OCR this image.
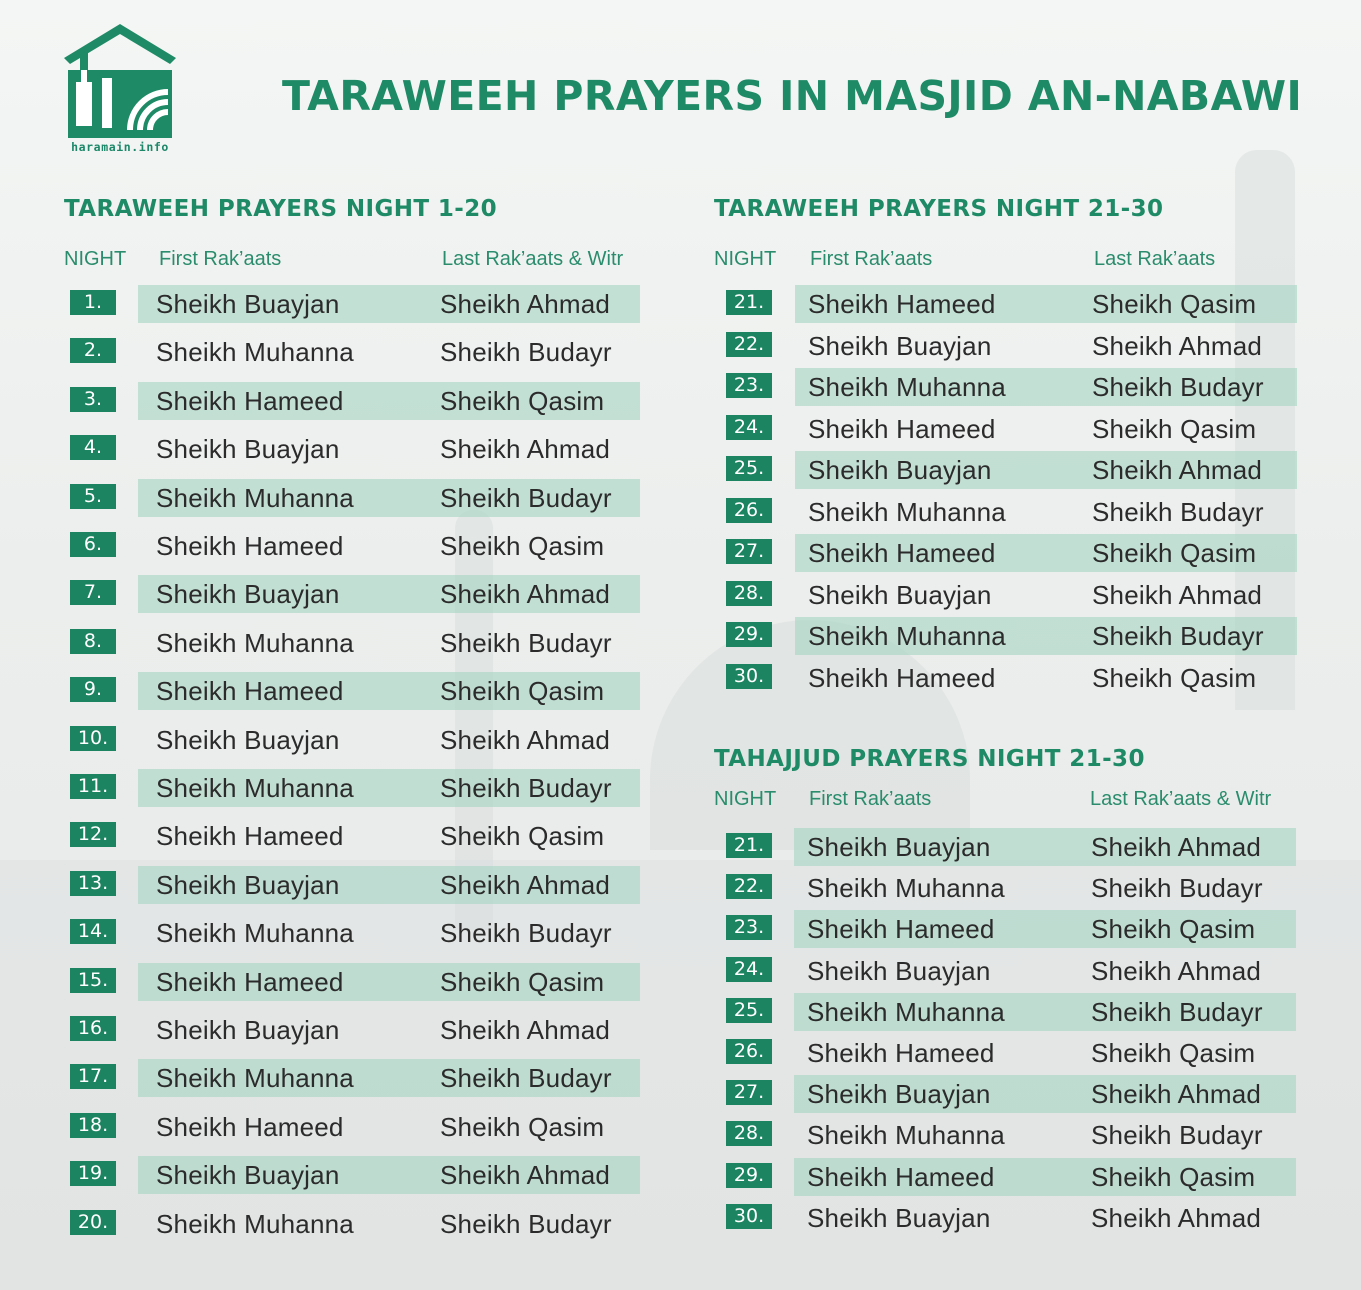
haramain.info
TARAWEEH PRAYERS IN MASJID AN-NABAWI
TARAWEEH PRAYERS NIGHT 1-20
NIGHT First Rak’aats	Last Rak’aats & Witr
1.	Sheikh Buayjan	Sheikh Ahmad
2.	Sheikh Muhanna	Sheikh Budayr
3.	Sheikh Hameed	Sheikh Qasim
4.	Sheikh Buayjan	Sheikh Ahmad
5.	Sheikh Muhanna	Sheikh Budayr
6.	Sheikh Hameed	Sheikh Qasim
7.	Sheikh Buayjan	Sheikh Ahmad
8.	Sheikh Muhanna	Sheikh Budayr
9.	Sheikh Hameed	Sheikh Qasim
10.	Sheikh Buayjan	Sheikh Ahmad
11.	Sheikh Muhanna	Sheikh Budayr
12.	Sheikh Hameed	Sheikh Qasim
13.	Sheikh Buayjan	Sheikh Ahmad
14.	Sheikh Muhanna	Sheikh Budayr
15.	Sheikh Hameed	Sheikh Qasim
16.	Sheikh Buayjan	Sheikh Ahmad
17.	Sheikh Muhanna	Sheikh Budayr
18.	Sheikh Hameed	Sheikh Qasim
19.	Sheikh Buayjan	Sheikh Ahmad
20.	Sheikh Muhanna	Sheikh Budayr
TARAWEEH PRAYERS NIGHT 21-30
NIGHT First Rak’aats	Last Rak’aats
21.	Sheikh Hameed	Sheikh Qasim
22.	Sheikh Buayjan	Sheikh Ahmad
23.	Sheikh Muhanna	Sheikh Budayr
24.	Sheikh Hameed	Sheikh Qasim
25.	Sheikh Buayjan	Sheikh Ahmad
26.	Sheikh Muhanna	Sheikh Budayr
27.	Sheikh Hameed	Sheikh Qasim
28.	Sheikh Buayjan	Sheikh Ahmad
29.	Sheikh Muhanna	Sheikh Budayr
30.	Sheikh Hameed	Sheikh Qasim
TAHAJJUD PRAYERS NIGHT 21-30
NIGHT First Rak’aats	Last Rak’aats & Witr
21.	Sheikh Buayjan	Sheikh Ahmad
22.	Sheikh Muhanna	Sheikh Budayr
23.	Sheikh Hameed	Sheikh Qasim
24.	Sheikh Buayjan	Sheikh Ahmad
25.	Sheikh Muhanna	Sheikh Budayr
26.	Sheikh Hameed	Sheikh Qasim
27.	Sheikh Buayjan	Sheikh Ahmad
28.	Sheikh Muhanna	Sheikh Budayr
29.	Sheikh Hameed	Sheikh Qasim
30.	Sheikh Buayjan	Sheikh Ahmad
